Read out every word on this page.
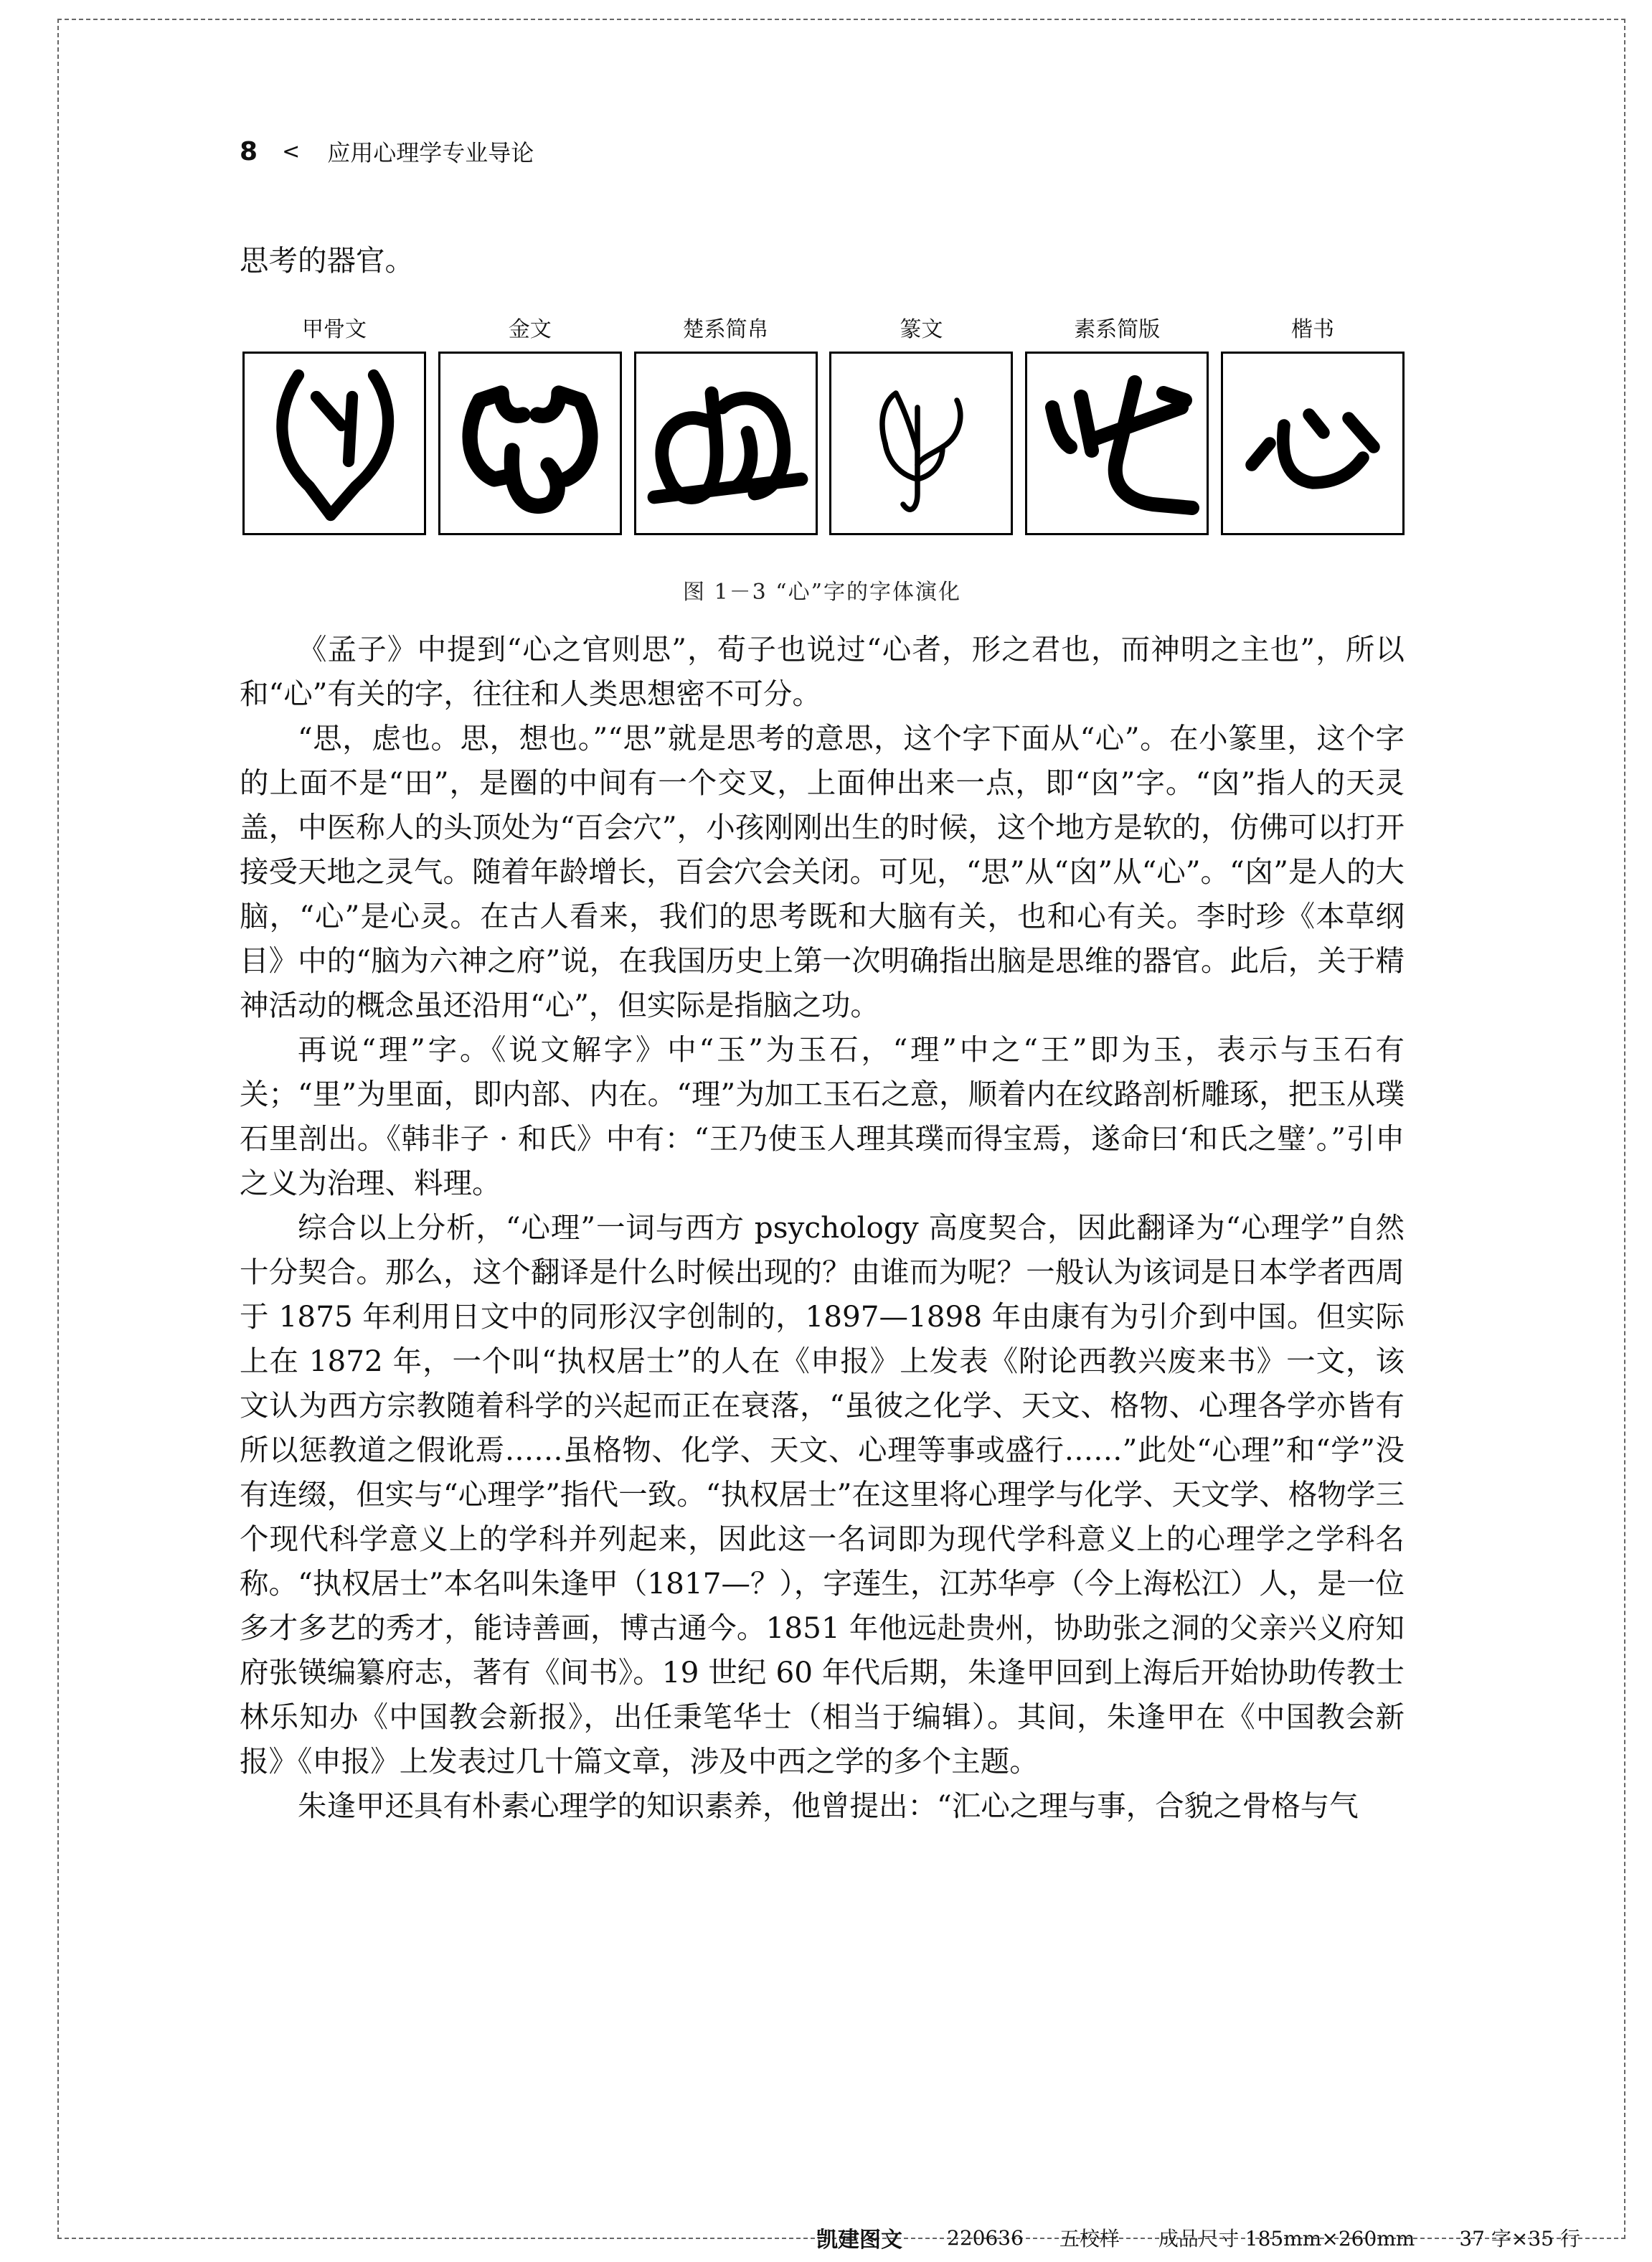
8 < 应用心理学专业导论

思考的器官。

甲骨文	金文	楚系简帛	篆文	素系简版	楷书
图 1－3 “心”字的字体演化

《孟子》中提到“心之官则思”，荀子也说过“心者，形之君也，而神明之主也”，所以和“心”有关的字，往往和人类思想密不可分。

“思，虑也。思，想也。”“思”就是思考的意思，这个字下面从“心”。在小篆里，这个字的上面不是“田”，是圈的中间有一个交叉，上面伸出来一点，即“囟”字。“囟”指人的天灵盖，中医称人的头顶处为“百会穴”，小孩刚刚出生的时候，这个地方是软的，仿佛可以打开接受天地之灵气。随着年龄增长，百会穴会关闭。可见，“思”从“囟”从“心”。“囟”是人的大脑，“心”是心灵。在古人看来，我们的思考既和大脑有关，也和心有关。李时珍《本草纲目》中的“脑为六神之府”说，在我国历史上第一次明确指出脑是思维的器官。此后，关于精神活动的概念虽还沿用“心”，但实际是指脑之功。

再说“理”字。《说文解字》中“玉”为玉石，“理”中之“王”即为玉，表示与玉石有关；“里”为里面，即内部、内在。“理”为加工玉石之意，顺着内在纹路剖析雕琢，把玉从璞石里剖出。《韩非子 · 和氏》中有：“王乃使玉人理其璞而得宝焉，遂命曰‘和氏之璧’。”引申之义为治理、料理。

综合以上分析，“心理”一词与西方 psychology 高度契合，因此翻译为“心理学”自然十分契合。那么，这个翻译是什么时候出现的？由谁而为呢？一般认为该词是日本学者西周于 1875 年利用日文中的同形汉字创制的，1897—1898 年由康有为引介到中国。但实际上在 1872 年，一个叫“执权居士”的人在《申报》上发表《附论西教兴废来书》一文，该文认为西方宗教随着科学的兴起而正在衰落，“虽彼之化学、天文、格物、心理各学亦皆有所以惩教道之假讹焉……虽格物、化学、天文、心理等事或盛行……”此处“心理”和“学”没有连缀，但实与“心理学”指代一致。“执权居士”在这里将心理学与化学、天文学、格物学三个现代科学意义上的学科并列起来，因此这一名词即为现代学科意义上的心理学之学科名称。“执权居士”本名叫朱逢甲（1817—？），字莲生，江苏华亭（今上海松江）人，是一位多才多艺的秀才，能诗善画，博古通今。1851 年他远赴贵州，协助张之洞的父亲兴义府知府张锳编纂府志，著有《间书》。19 世纪 60 年代后期，朱逢甲回到上海后开始协助传教士林乐知办《中国教会新报》，出任秉笔华士（相当于编辑）。其间，朱逢甲在《中国教会新报》《申报》上发表过几十篇文章，涉及中西之学的多个主题。

朱逢甲还具有朴素心理学的知识素养，他曾提出：“汇心之理与事，合貌之骨格与气

凯建图文 220636 五校样 成品尺寸 185mm×260mm 37 字×35 行
